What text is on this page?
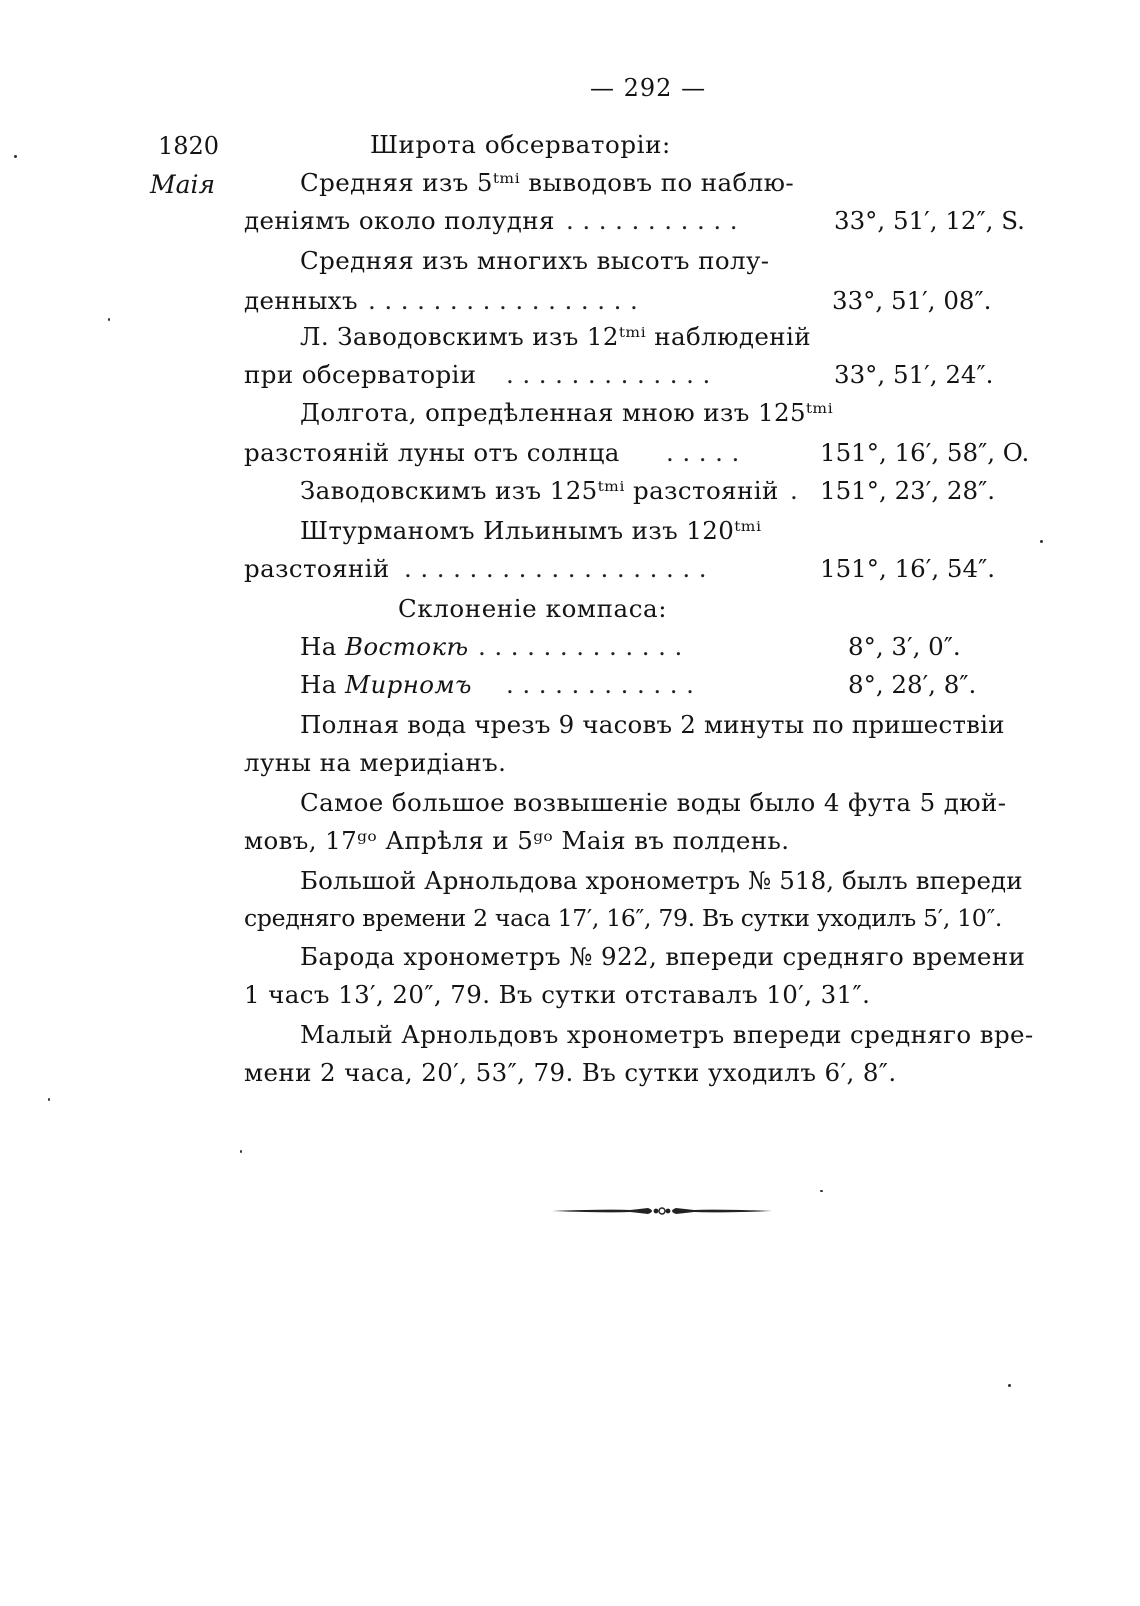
— 292 —
1820
Маія
Широта обсерваторіи:
Средняя изъ 5ᵗᵐⁱ выводовъ по наблю-
деніямъ около полудня . . . . . . . . . . .	33°, 51′, 12″, S.
Средняя изъ многихъ высотъ полу-
денныхъ . . . . . . . . . . . . . . . . .	33°, 51′, 08″.
Л. Заводовскимъ изъ 12ᵗᵐⁱ наблюденій
при обсерваторіи . . . . . . . . . . . . .	33°, 51′, 24″.
Долгота, опредѣленная мною изъ 125ᵗᵐⁱ
разстояній луны отъ солнца . . . . .	151°, 16′, 58″, O.
Заводовскимъ изъ 125ᵗᵐⁱ разстояній . 151°, 23′, 28″.
Штурманомъ Ильинымъ изъ 120ᵗᵐⁱ
разстояній . . . . . . . . . . . . . . . . . . .	151°, 16′, 54″.
Склоненіе компаса:
На Востокѣ . . . . . . . . . . . . .	8°, 3′, 0″.
На Мирномъ . . . . . . . . . . . .	8°, 28′, 8″.
Полная вода чрезъ 9 часовъ 2 минуты по пришествіи
луны на меридіанъ.
Самое большое возвышеніе воды было 4 фута 5 дюй-
мовъ, 17ᵍᵒ Апрѣля и 5ᵍᵒ Маія въ полдень.
Большой Арнольдова хронометръ № 518, былъ впереди
средняго времени 2 часа 17′, 16″, 79. Въ сутки уходилъ 5′, 10″.
Барода хронометръ № 922, впереди средняго времени
1 часъ 13′, 20″, 79. Въ сутки отставалъ 10′, 31″.
Малый Арнольдовъ хронометръ впереди средняго вре-
мени 2 часа, 20′, 53″, 79. Въ сутки уходилъ 6′, 8″.
